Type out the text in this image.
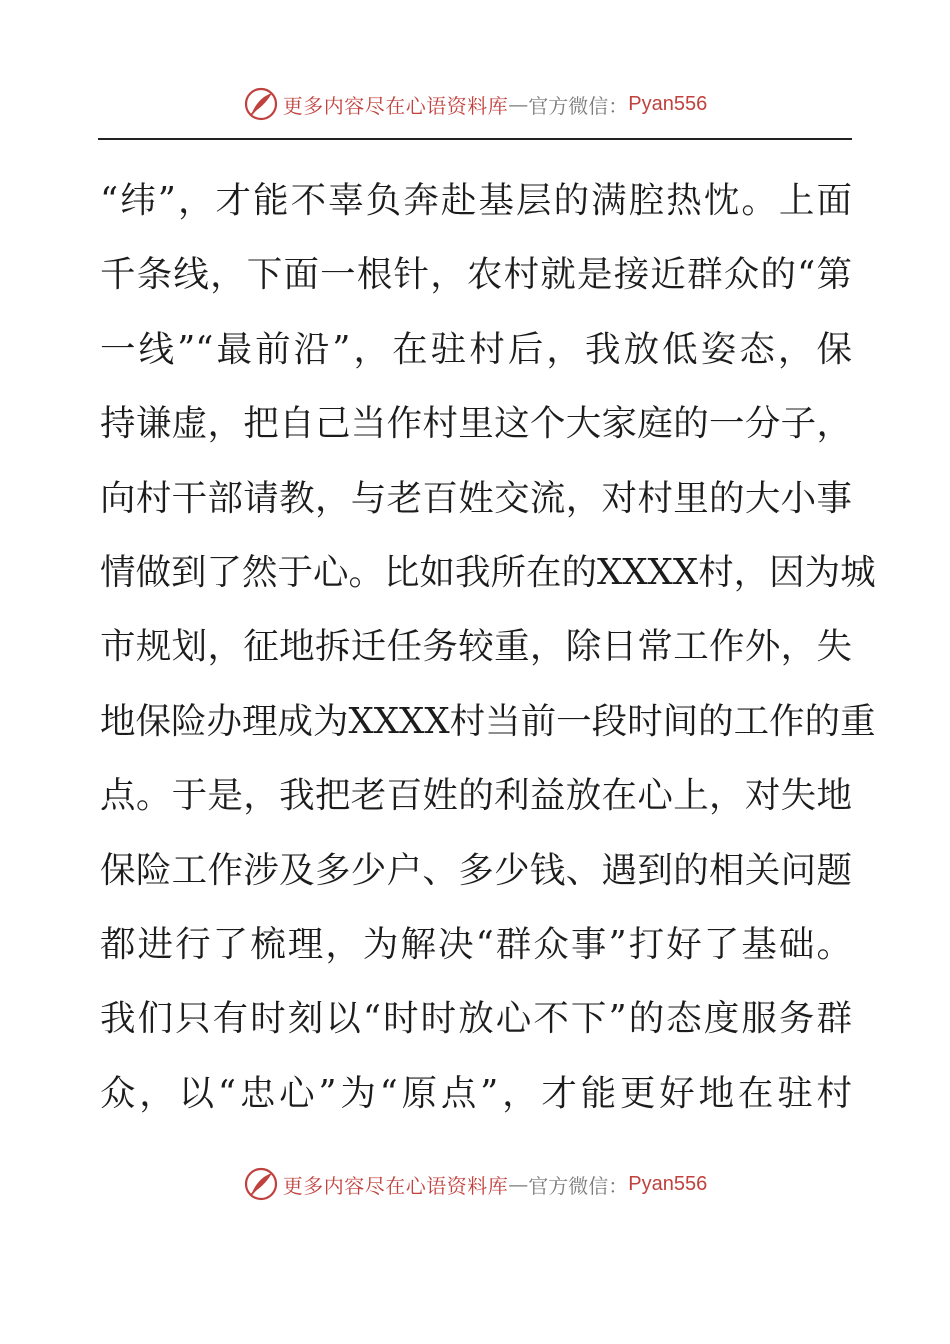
更多内容尽在心语资料库 — 官方微信： Pyan556
“纬”，才能不辜负奔赴基层的满腔热忱。上面
千条线，下面一根针，农村就是接近群众的“第
一线”“最前沿”，在驻村后，我放低姿态，保
持谦虚，把自己当作村里这个大家庭的一分子，
向村干部请教，与老百姓交流，对村里的大小事
情做到了然于心。比如我所在的XXXX村，因为城
市规划，征地拆迁任务较重，除日常工作外，失
地保险办理成为XXXX村当前一段时间的工作的重
点。于是，我把老百姓的利益放在心上，对失地
保险工作涉及多少户、多少钱、遇到的相关问题
都进行了梳理，为解决“群众事”打好了基础。
我们只有时刻以“时时放心不下”的态度服务群
众，以“忠心”为“原点”，才能更好地在驻村
更多内容尽在心语资料库 — 官方微信： Pyan556
